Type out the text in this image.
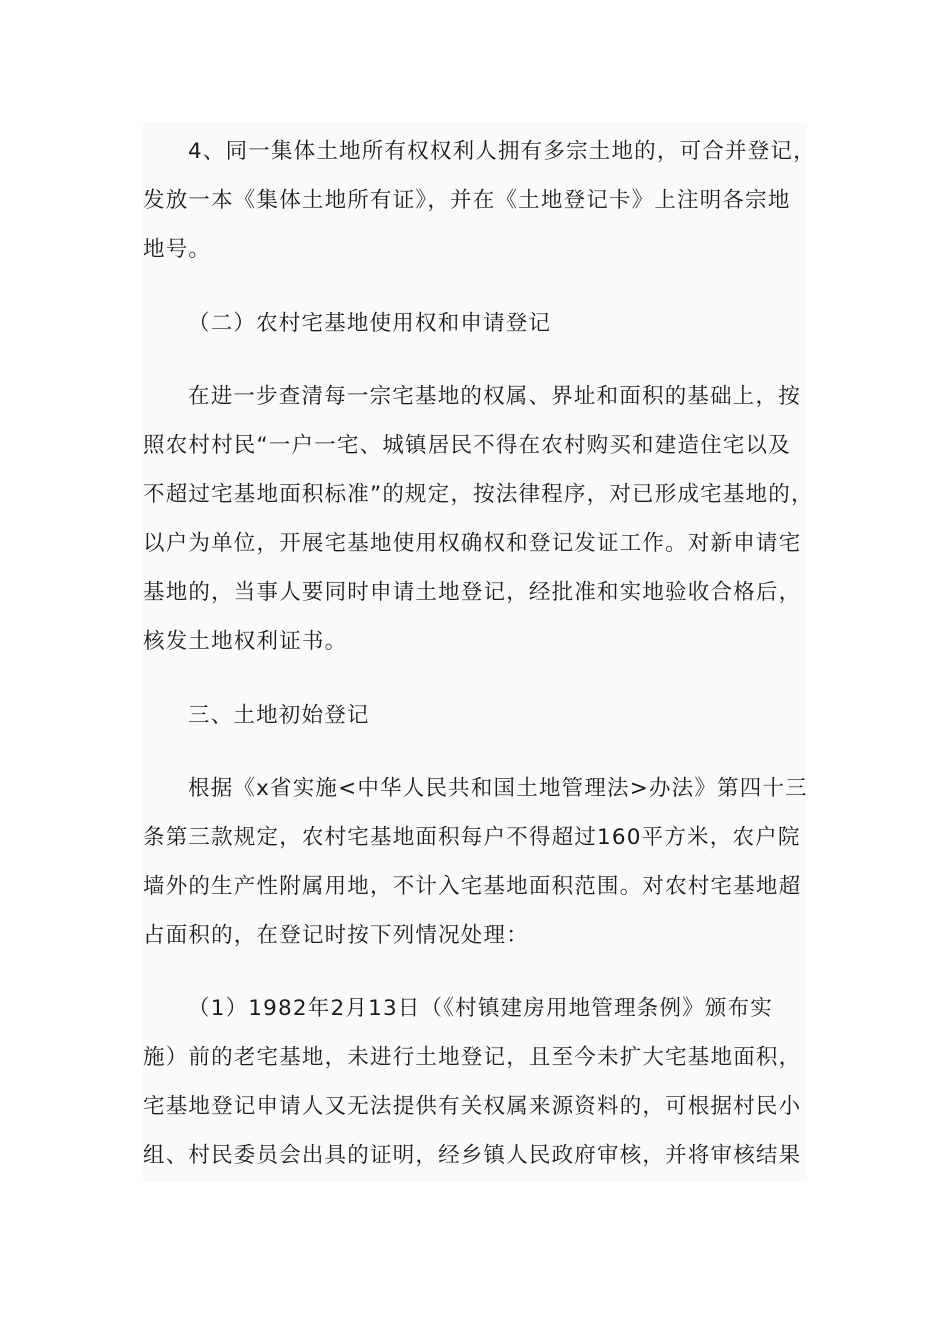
4、同一集体土地所有权权利人拥有多宗土地的，可合并登记，
发放一本《集体土地所有证》，并在《土地登记卡》上注明各宗地
地号。
（二）农村宅基地使用权和申请登记
在进一步查清每一宗宅基地的权属、界址和面积的基础上，按
照农村村民“一户一宅、城镇居民不得在农村购买和建造住宅以及
不超过宅基地面积标准”的规定，按法律程序，对已形成宅基地的，
以户为单位，开展宅基地使用权确权和登记发证工作。对新申请宅
基地的，当事人要同时申请土地登记，经批准和实地验收合格后，
核发土地权利证书。
三、土地初始登记
根据《x省实施<中华人民共和国土地管理法>办法》第四十三
条第三款规定，农村宅基地面积每户不得超过160平方米，农户院
墙外的生产性附属用地，不计入宅基地面积范围。对农村宅基地超
占面积的，在登记时按下列情况处理：
（1）1982年2月13日（《村镇建房用地管理条例》颁布实
施）前的老宅基地，未进行土地登记，且至今未扩大宅基地面积，
宅基地登记申请人又无法提供有关权属来源资料的，可根据村民小
组、村民委员会出具的证明，经乡镇人民政府审核，并将审核结果
